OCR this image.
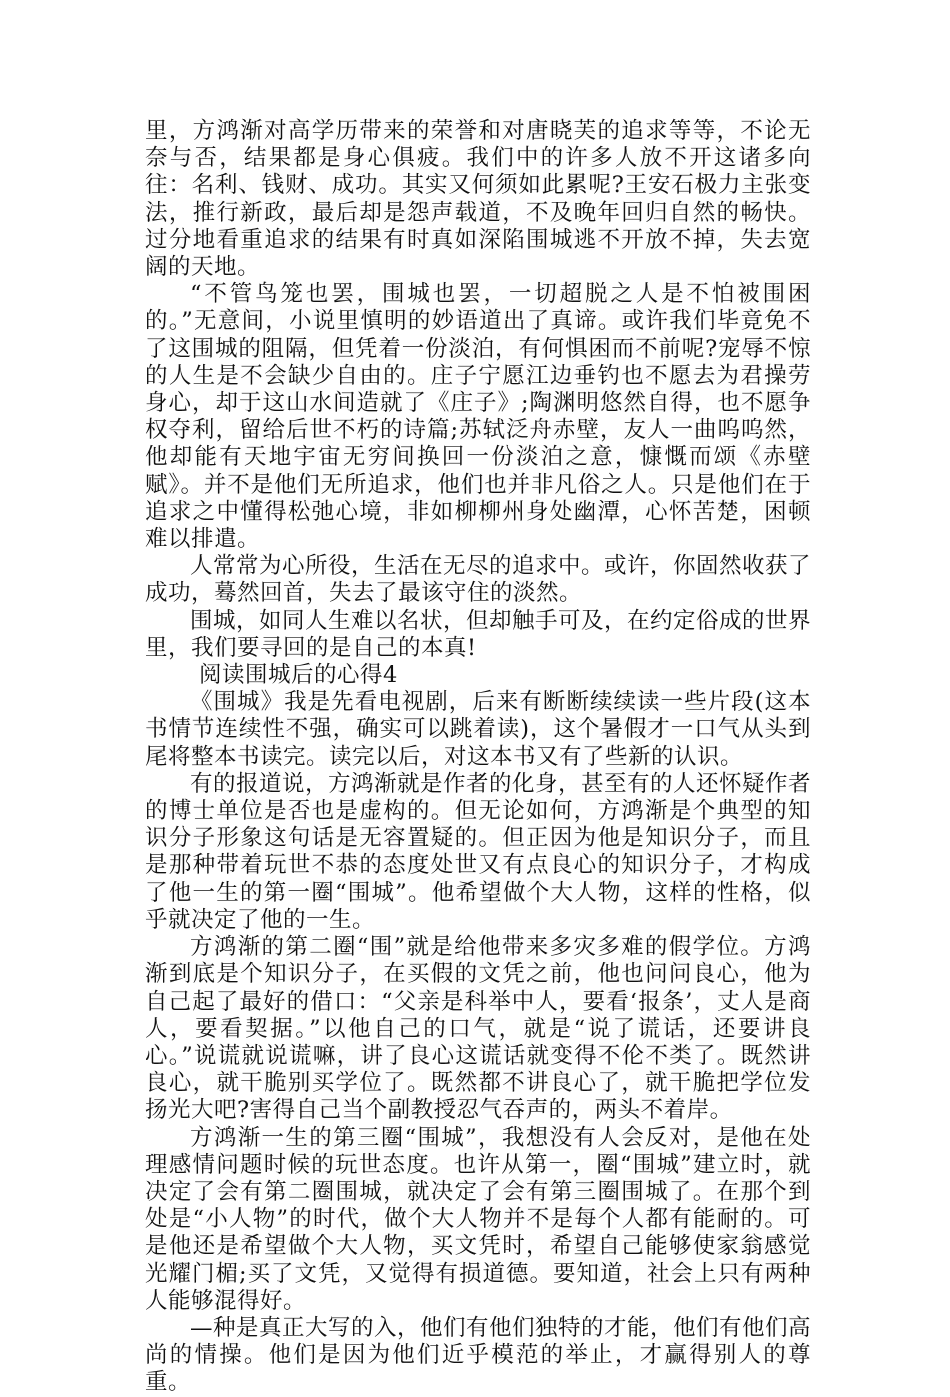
里，方鸿渐对高学历带来的荣誉和对唐晓芙的追求等等，不论无奈与否，结果都是身心俱疲。我们中的许多人放不开这诸多向往：名利、钱财、成功。其实又何须如此累呢?王安石极力主张变法，推行新政，最后却是怨声载道，不及晚年回归自然的畅快。过分地看重追求的结果有时真如深陷围城逃不开放不掉，失去宽阔的天地。

“不管鸟笼也罢，围城也罢，一切超脱之人是不怕被围困的。”无意间，小说里慎明的妙语道出了真谛。或许我们毕竟免不了这围城的阻隔，但凭着一份淡泊，有何惧困而不前呢?宠辱不惊的人生是不会缺少自由的。庄子宁愿江边垂钓也不愿去为君操劳身心，却于这山水间造就了《庄子》;陶渊明悠然自得，也不愿争权夺利，留给后世不朽的诗篇;苏轼泛舟赤壁，友人一曲呜呜然，他却能有天地宇宙无穷间换回一份淡泊之意，慷慨而颂《赤壁赋》。并不是他们无所追求，他们也并非凡俗之人。只是他们在于追求之中懂得松弛心境，非如柳柳州身处幽潭，心怀苦楚，困顿难以排遣。

人常常为心所役，生活在无尽的追求中。或许，你固然收获了成功，蓦然回首，失去了最该守住的淡然。

围城，如同人生难以名状，但却触手可及，在约定俗成的世界里，我们要寻回的是自己的本真!

阅读围城后的心得4

《围城》我是先看电视剧，后来有断断续续读一些片段(这本书情节连续性不强，确实可以跳着读)，这个暑假才一口气从头到尾将整本书读完。读完以后，对这本书又有了些新的认识。

有的报道说，方鸿渐就是作者的化身，甚至有的人还怀疑作者的博士单位是否也是虚构的。但无论如何，方鸿渐是个典型的知识分子形象这句话是无容置疑的。但正因为他是知识分子，而且是那种带着玩世不恭的态度处世又有点良心的知识分子，才构成了他一生的第一圈“围城”。他希望做个大人物，这样的性格，似乎就决定了他的一生。

方鸿渐的第二圈“围”就是给他带来多灾多难的假学位。方鸿渐到底是个知识分子，在买假的文凭之前，他也问问良心，他为自己起了最好的借口：“父亲是科举中人，要看‘报条’，丈人是商人，要看契据。”以他自己的口气，就是“说了谎话，还要讲良心。”说谎就说谎嘛，讲了良心这谎话就变得不伦不类了。既然讲良心，就干脆别买学位了。既然都不讲良心了，就干脆把学位发扬光大吧?害得自己当个副教授忍气吞声的，两头不着岸。

方鸿渐一生的第三圈“围城”，我想没有人会反对，是他在处理感情问题时候的玩世态度。也许从第一，圈“围城”建立时，就决定了会有第二圈围城，就决定了会有第三圈围城了。在那个到处是“小人物”的时代，做个大人物并不是每个人都有能耐的。可是他还是希望做个大人物，买文凭时，希望自己能够使家翁感觉光耀门楣;买了文凭，又觉得有损道德。要知道，社会上只有两种人能够混得好。

—种是真正大写的入，他们有他们独特的才能，他们有他们高尚的情操。他们是因为他们近乎模范的举止，才赢得别人的尊重。
